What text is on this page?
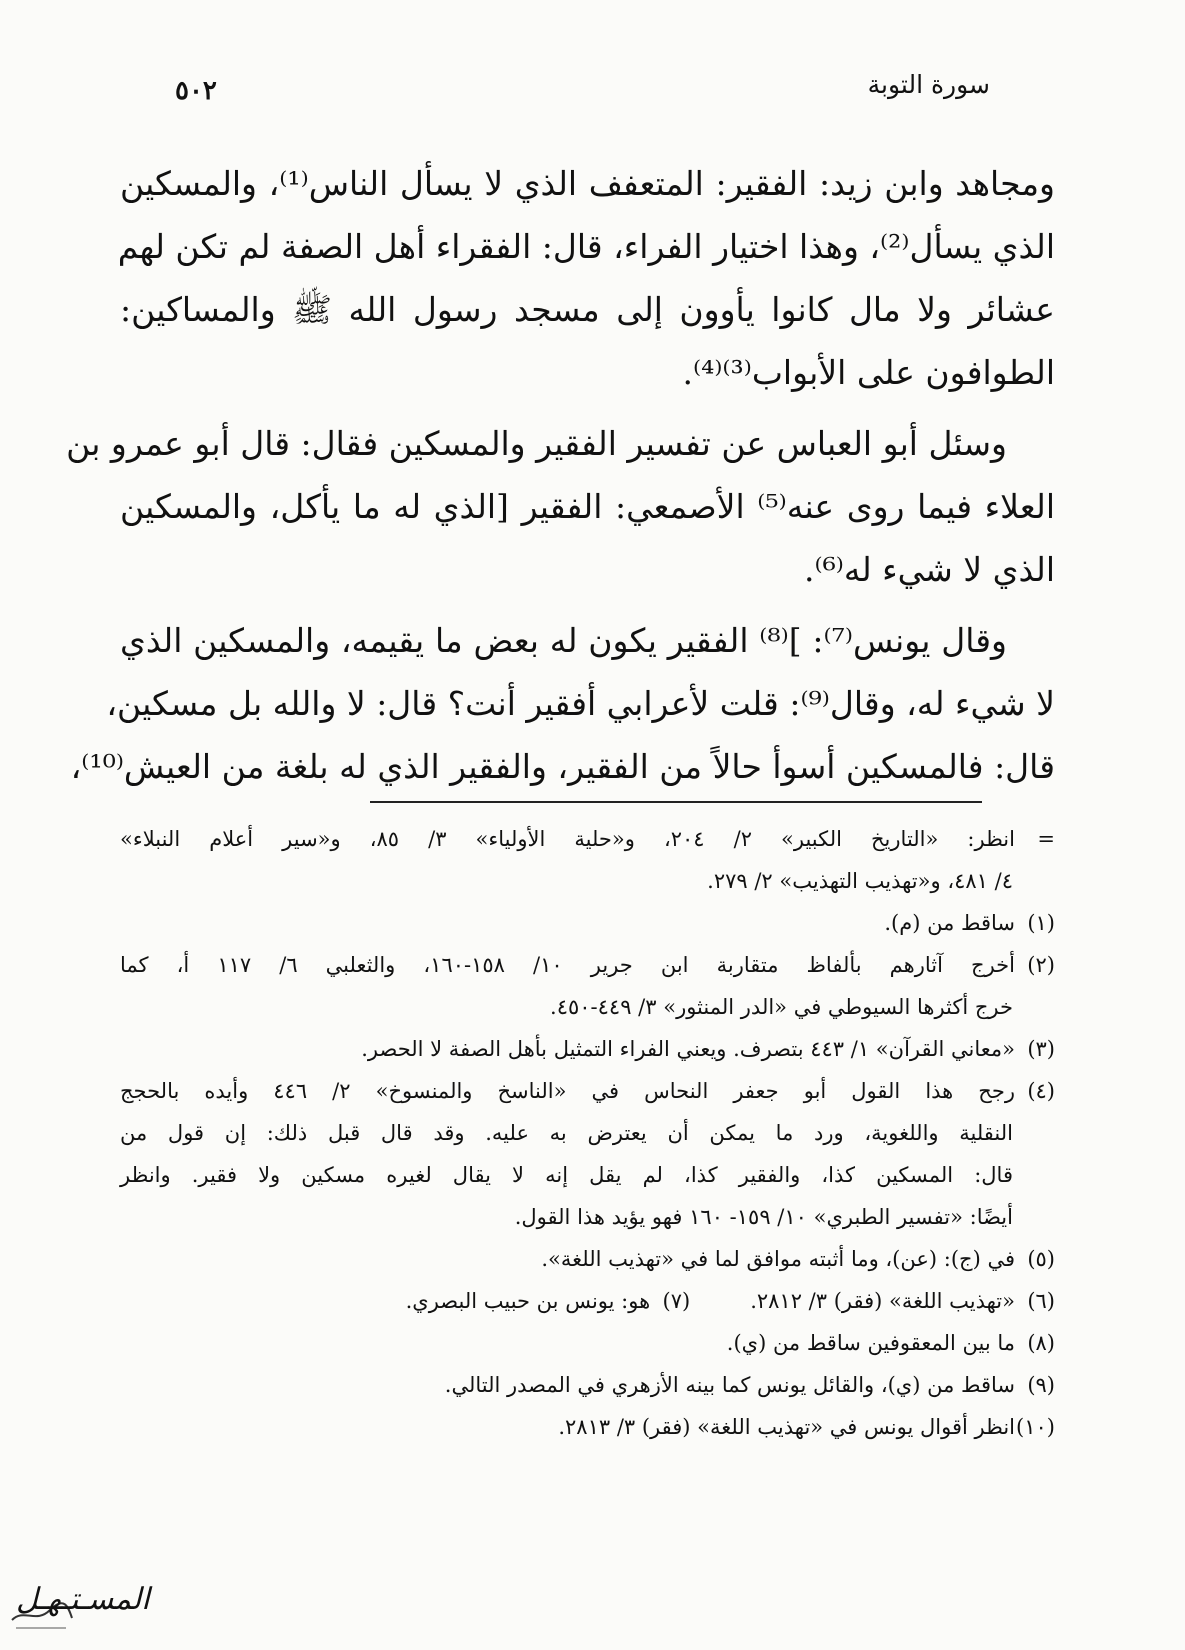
٥٠٢	سورة التوبة
ومجاهد وابن زيد: الفقير: المتعفف الذي لا يسأل الناس⁽¹⁾، والمسكين
الذي يسأل⁽²⁾، وهذا اختيار الفراء، قال: الفقراء أهل الصفة لم تكن لهم
عشائر ولا مال كانوا يأوون إلى مسجد رسول الله ﷺ والمساكين:
الطوافون على الأبواب⁽³⁾⁽⁴⁾.
وسئل أبو العباس عن تفسير الفقير والمسكين فقال: قال أبو عمرو بن
العلاء فيما روى عنه⁽⁵⁾ الأصمعي: الفقير [الذي له ما يأكل، والمسكين
الذي لا شيء له⁽⁶⁾.
وقال يونس⁽⁷⁾: ]⁽⁸⁾ الفقير يكون له بعض ما يقيمه، والمسكين الذي
لا شيء له، وقال⁽⁹⁾: قلت لأعرابي أفقير أنت؟ قال: لا والله بل مسكين،
قال: فالمسكين أسوأ حالاً من الفقير، والفقير الذي له بلغة من العيش⁽¹⁰⁾،
=انظر: «التاريخ الكبير» ٢/ ٢٠٤، و«حلية الأولياء» ٣/ ٨٥، و«سير أعلام النبلاء»
٤/ ٤٨١، و«تهذيب التهذيب» ٢/ ٢٧٩.
(١)ساقط من (م).
(٢)أخرج آثارهم بألفاظ متقاربة ابن جرير ١٠/ ١٥٨-١٦٠، والثعلبي ٦/ ١١٧ أ، كما
خرج أكثرها السيوطي في «الدر المنثور» ٣/ ٤٤٩-٤٥٠.
(٣)«معاني القرآن» ١/ ٤٤٣ بتصرف. ويعني الفراء التمثيل بأهل الصفة لا الحصر.
(٤)رجح هذا القول أبو جعفر النحاس في «الناسخ والمنسوخ» ٢/ ٤٤٦ وأيده بالحجج
النقلية واللغوية، ورد ما يمكن أن يعترض به عليه. وقد قال قبل ذلك: إن قول من
قال: المسكين كذا، والفقير كذا، لم يقل إنه لا يقال لغيره مسكين ولا فقير. وانظر
أيضًا: «تفسير الطبري» ١٠/ ١٥٩- ١٦٠ فهو يؤيد هذا القول.
(٥)في (ج): (عن)، وما أثبته موافق لما في «تهذيب اللغة».
(٦)«تهذيب اللغة» (فقر) ٣/ ٢٨١٢.(٧)هو: يونس بن حبيب البصري.
(٨)ما بين المعقوفين ساقط من (ي).
(٩)ساقط من (ي)، والقائل يونس كما بينه الأزهري في المصدر التالي.
(١٠)انظر أقوال يونس في «تهذيب اللغة» (فقر) ٣/ ٢٨١٣.
المسـتـهـل
